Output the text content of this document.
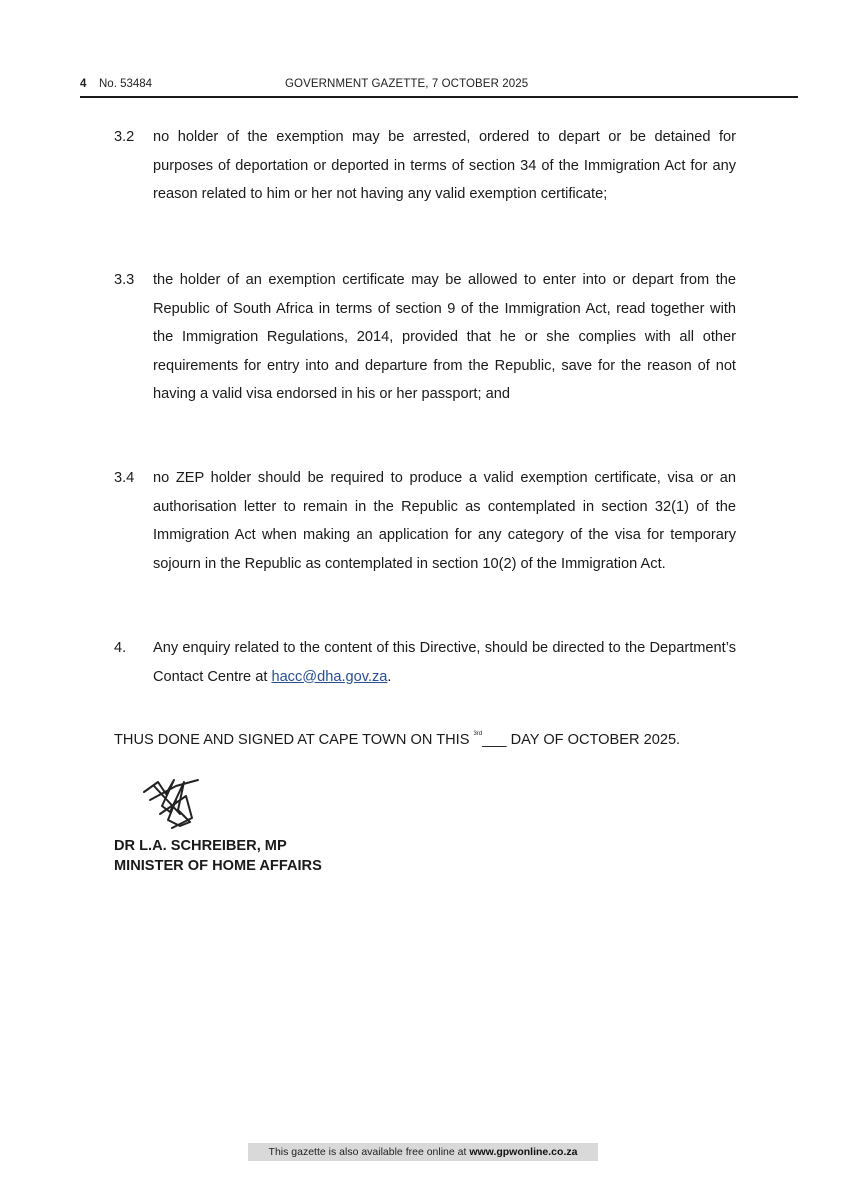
4 No. 53484	GOVERNMENT GAZETTE, 7 OCTOBER 2025
3.2 no holder of the exemption may be arrested, ordered to depart or be detained for purposes of deportation or deported in terms of section 34 of the Immigration Act for any reason related to him or her not having any valid exemption certificate;
3.3 the holder of an exemption certificate may be allowed to enter into or depart from the Republic of South Africa in terms of section 9 of the Immigration Act, read together with the Immigration Regulations, 2014, provided that he or she complies with all other requirements for entry into and departure from the Republic, save for the reason of not having a valid visa endorsed in his or her passport; and
3.4 no ZEP holder should be required to produce a valid exemption certificate, visa or an authorisation letter to remain in the Republic as contemplated in section 32(1) of the Immigration Act when making an application for any category of the visa for temporary sojourn in the Republic as contemplated in section 10(2) of the Immigration Act.
4. Any enquiry related to the content of this Directive, should be directed to the Department’s Contact Centre at hacc@dha.gov.za.
THUS DONE AND SIGNED AT CAPE TOWN ON THIS $^{3rd}$___ DAY OF OCTOBER 2025.
DR L.A. SCHREIBER, MP
MINISTER OF HOME AFFAIRS
This gazette is also available free online at www.gpwonline.co.za
